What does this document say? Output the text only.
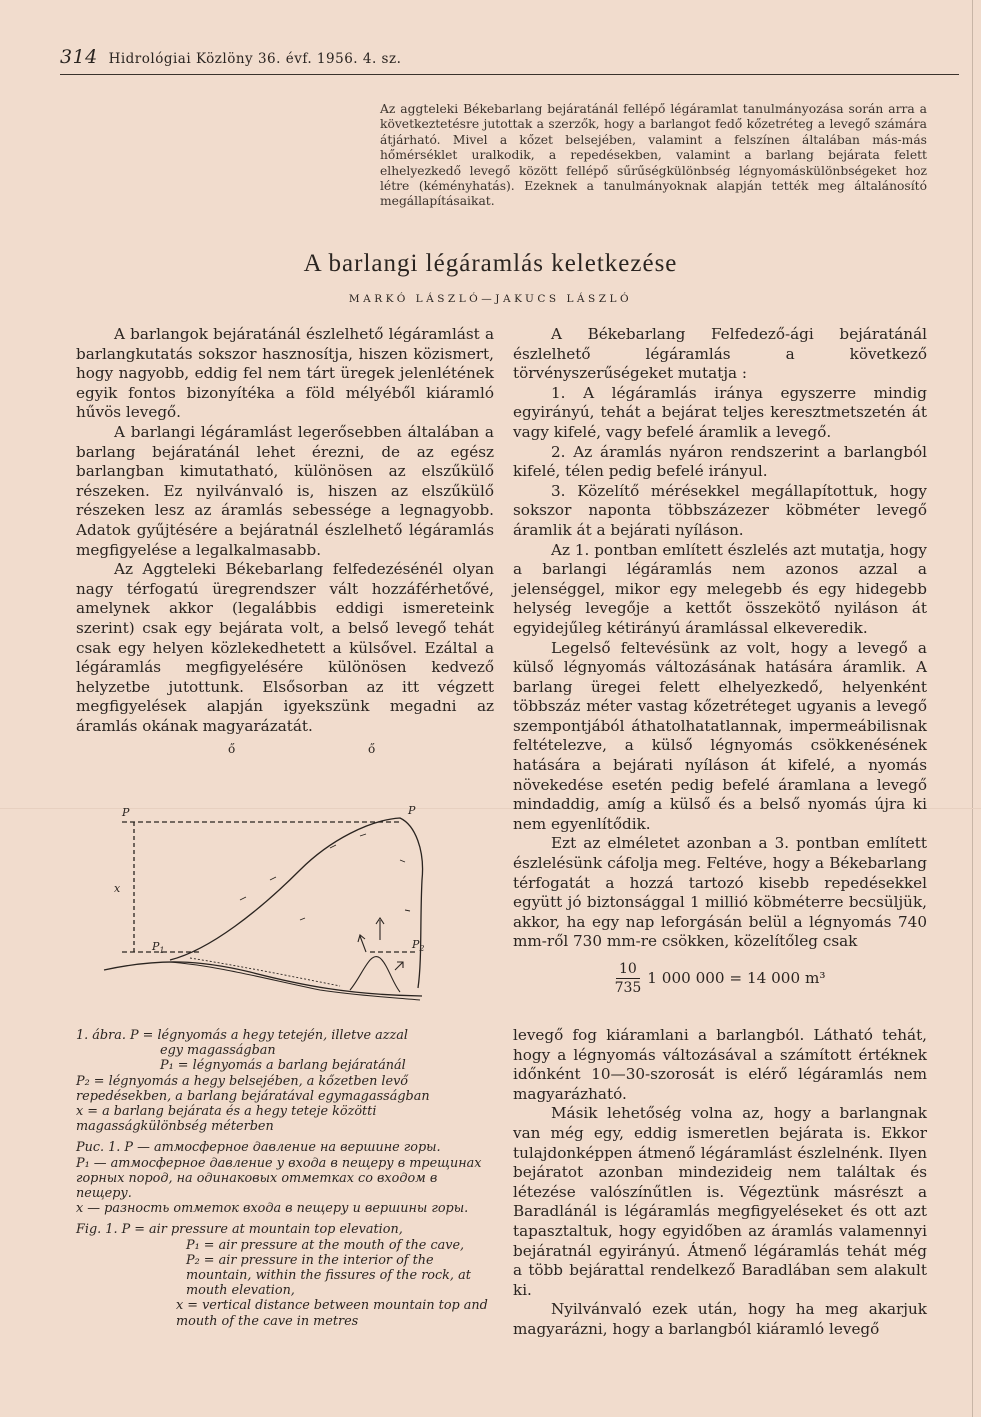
314 Hidrológiai Közlöny 36. évf. 1956. 4. sz.
Az aggteleki Békebarlang bejáratánál fellépő légáramlat tanulmányozása során arra a következtetésre jutottak a szerzők, hogy a barlangot fedő kőzetréteg a levegő számára átjárható. Mivel a kőzet belsejében, valamint a felszínen általában más-más hőmérséklet uralkodik, a repedésekben, valamint a barlang bejárata felett elhelyezkedő levegő között fellépő sűrűségkülönbség légnyomáskülönbségeket hoz létre (kéményhatás). Ezeknek a tanulmányoknak alapján tették meg általánosító megállapításaikat.
A barlangi légáramlás keletkezése
MARKÓ LÁSZLÓ—JAKUCS LÁSZLÓ

A barlangok bejáratánál észlelhető légáramlást a barlangkutatás sokszor hasznosítja, hiszen közismert, hogy nagyobb, eddig fel nem tárt üregek jelenlétének egyik fontos bizonyítéka a föld mélyéből kiáramló hűvös levegő.

A barlangi légáramlást legerősebben általában a barlang bejáratánál lehet érezni, de az egész barlangban kimutatható, különösen az elszűkülő részeken. Ez nyilvánvaló is, hiszen az elszűkülő részeken lesz az áramlás sebessége a legnagyobb. Adatok gyűjtésére a bejáratnál észlelhető légáramlás megfigyelése a legalkalmasabb.

Az Aggteleki Békebarlang felfedezésénél olyan nagy térfogatú üregrendszer vált hozzáférhetővé, amelynek akkor (legalábbis eddigi ismereteink szerint) csak egy bejárata volt, a belső levegő tehát csak egy helyen közlekedhetett a külsővel. Ezáltal a légáramlás megfigyelésére különösen kedvező helyzetbe jutottunk. Elsősorban az itt végzett megfigyelések alapján igyekszünk megadni az áramlás okának magyarázatát.

A Békebarlang Felfedező-ági bejáratánál észlelhető légáramlás a következő törvényszerűségeket mutatja :

1. A légáramlás iránya egyszerre mindig egyirányú, tehát a bejárat teljes keresztmetszetén át vagy kifelé, vagy befelé áramlik a levegő.

2. Az áramlás nyáron rendszerint a barlangból kifelé, télen pedig befelé irányul.

3. Közelítő mérésekkel megállapítottuk, hogy sokszor naponta többszázezer köbméter levegő áramlik át a bejárati nyíláson.

Az 1. pontban említett észlelés azt mutatja, hogy a barlangi légáramlás nem azonos azzal a jelenséggel, mikor egy melegebb és egy hidegebb helység levegője a kettőt összekötő nyiláson át egyidejűleg kétirányú áramlással elkeveredik.

Legelső feltevésünk az volt, hogy a levegő a külső légnyomás változásának hatására áramlik. A barlang üregei felett elhelyezkedő, helyenként többszáz méter vastag kőzetréteget ugyanis a levegő szempontjából áthatolhatatlannak, impermeábilisnak feltételezve, a külső légnyomás csökkenésének hatására a bejárati nyíláson át kifelé, a nyomás növekedése esetén pedig befelé áramlana a levegő mindaddig, amíg a külső és a belső nyomás újra ki nem egyenlítődik.

Ezt az elméletet azonban a 3. pontban említett észlelésünk cáfolja meg. Feltéve, hogy a Békebarlang térfogatát a hozzá tartozó kisebb repedésekkel együtt jó biztonsággal 1 millió köbméterre becsüljük, akkor, ha egy nap leforgásán belül a légnyomás 740 mm-ről 730 mm-re csökken, közelítőleg csak

$\frac{10}{735} 1$ 000 000 = 14 000 m³
P
x
$P_1$	$P_2$
P
ő	ő
1. ábra. P = légnyomás a hegy tetején, illetve azzal
egy magasságban
P₁ = légnyomás a barlang bejáratánál
P₂ = légnyomás a hegy belsejében, a kőzetben levő repedésekben, a barlang bejáratával egymagasságban
x = a barlang bejárata és a hegy teteje közötti magasságkülönbség méterben
Рис. 1. P — атмосферное давление на вершине горы.
P₁ — атмосферное давление у входа в пещеру в трещинах горных пород, на одинаковых отметках со входом в пещеру.
x — разность отметок входа в пещеру и вершины горы.
Fig. 1. P = air pressure at mountain top elevation,
P₁ = air pressure at the mouth of the cave,
P₂ = air pressure in the interior of the mountain, within the fissures of the rock, at mouth elevation,
x = vertical distance between mountain top and mouth of the cave in metres

levegő fog kiáramlani a barlangból. Látható tehát, hogy a légnyomás változásával a számított értéknek időnként 10—30-szorosát is elérő légáramlás nem magyarázható.

Másik lehetőség volna az, hogy a barlangnak van még egy, eddig ismeretlen bejárata is. Ekkor tulajdonképpen átmenő légáramlást észlelnénk. Ilyen bejáratot azonban mindezideig nem találtak és létezése valószínűtlen is. Végeztünk másrészt a Baradlánál is légáramlás megfigyeléseket és ott azt tapasztaltuk, hogy egyidőben az áramlás valamennyi bejáratnál egyirányú. Átmenő légáramlás tehát még a több bejárattal rendelkező Baradlában sem alakult ki.

Nyilvánvaló ezek után, hogy ha meg akarjuk magyarázni, hogy a barlangból kiáramló levegő
